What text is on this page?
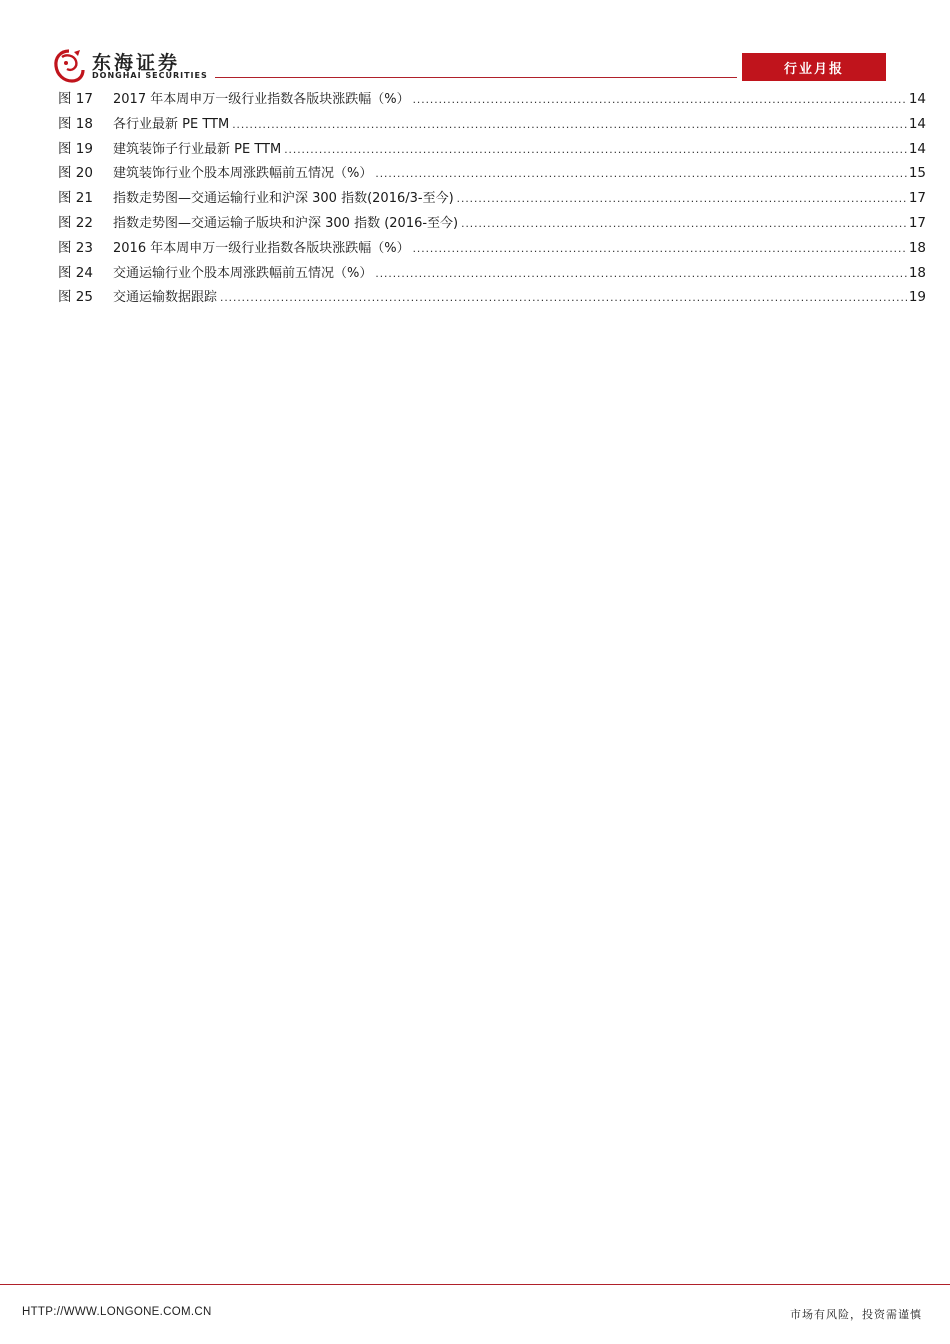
东海证券
DONGHAI SECURITIES	行业月报
图 17	2017 年本周申万一级行业指数各版块涨跌幅（%） .....	14
图 18	各行业最新 PE TTM .....	14
图 19	建筑装饰子行业最新 PE TTM .....	14
图 20	建筑装饰行业个股本周涨跌幅前五情况（%） .....	15
图 21	指数走势图—交通运输行业和沪深 300 指数(2016/3-至今) .....	17
图 22	指数走势图—交通运输子版块和沪深 300 指数 (2016-至今) .....	17
图 23	2016 年本周申万一级行业指数各版块涨跌幅（%） .....	18
图 24	交通运输行业个股本周涨跌幅前五情况（%） .....	18
图 25	交通运输数据跟踪 .....	19
HTTP://WWW.LONGONE.COM.CN	市场有风险，投资需谨慎
